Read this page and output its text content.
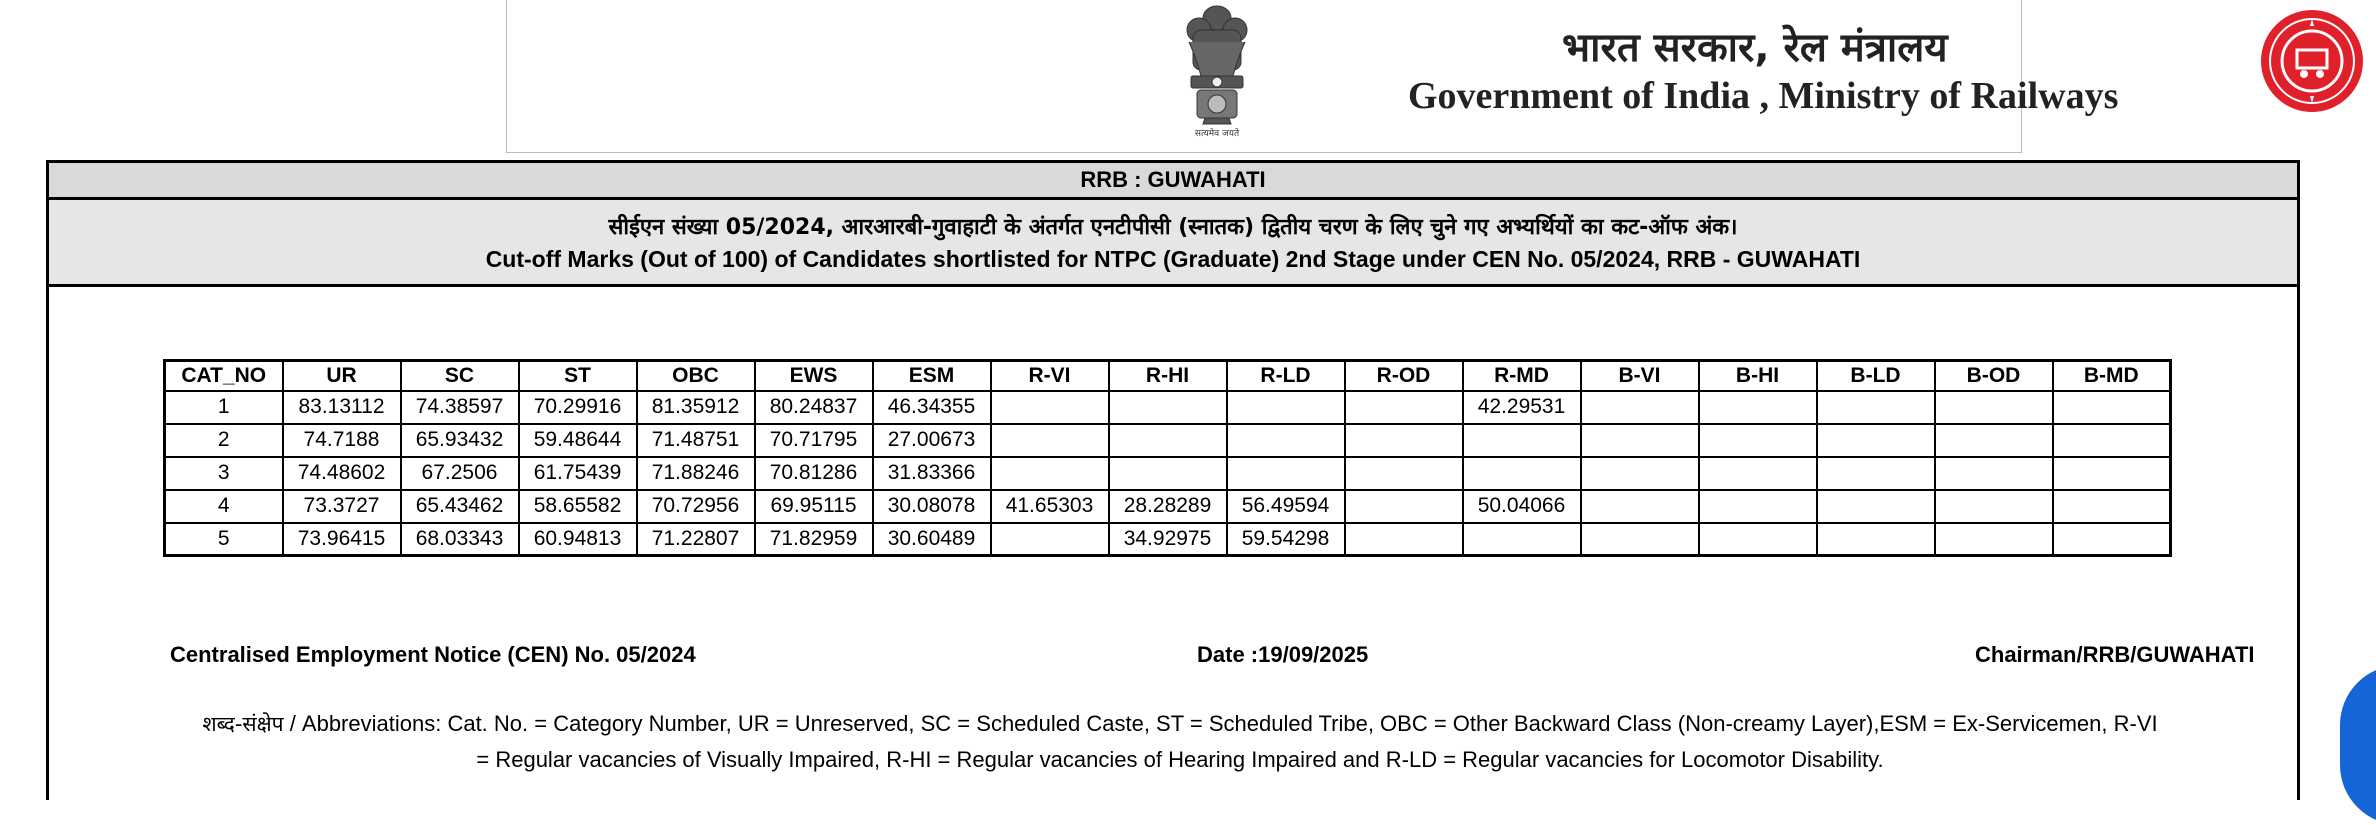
सत्यमेव जयते
भारत सरकार, रेल मंत्रालय
Government of India , Ministry of Railways
RRB : GUWAHATI
सीईएन संख्या 05/2024, आरआरबी-गुवाहाटी के अंतर्गत एनटीपीसी (स्नातक) द्वितीय चरण के लिए चुने गए अभ्यर्थियों का कट-ऑफ अंक।
Cut-off Marks (Out of 100) of Candidates shortlisted for NTPC (Graduate) 2nd Stage under CEN No. 05/2024, RRB - GUWAHATI
CAT_NO	UR	SC	ST	OBC	EWS	ESM	R-VI	R-HI	R-LD	R-OD	R-MD	B-VI	B-HI	B-LD	B-OD	B-MD
1	83.13112	74.38597	70.29916	81.35912	80.24837	46.34355					42.29531					
2	74.7188	65.93432	59.48644	71.48751	70.71795	27.00673										
3	74.48602	67.2506	61.75439	71.88246	70.81286	31.83366										
4	73.3727	65.43462	58.65582	70.72956	69.95115	30.08078	41.65303	28.28289	56.49594		50.04066					
5	73.96415	68.03343	60.94813	71.22807	71.82959	30.60489		34.92975	59.54298							
Centralised Employment Notice (CEN) No. 05/2024	Date :19/09/2025	Chairman/RRB/GUWAHATI
शब्द-संक्षेप / Abbreviations: Cat. No. = Category Number, UR = Unreserved, SC = Scheduled Caste, ST = Scheduled Tribe, OBC = Other Backward Class (Non-creamy Layer),ESM = Ex-Servicemen, R-VI = Regular vacancies of Visually Impaired, R-HI = Regular vacancies of Hearing Impaired and R-LD = Regular vacancies for Locomotor Disability.
